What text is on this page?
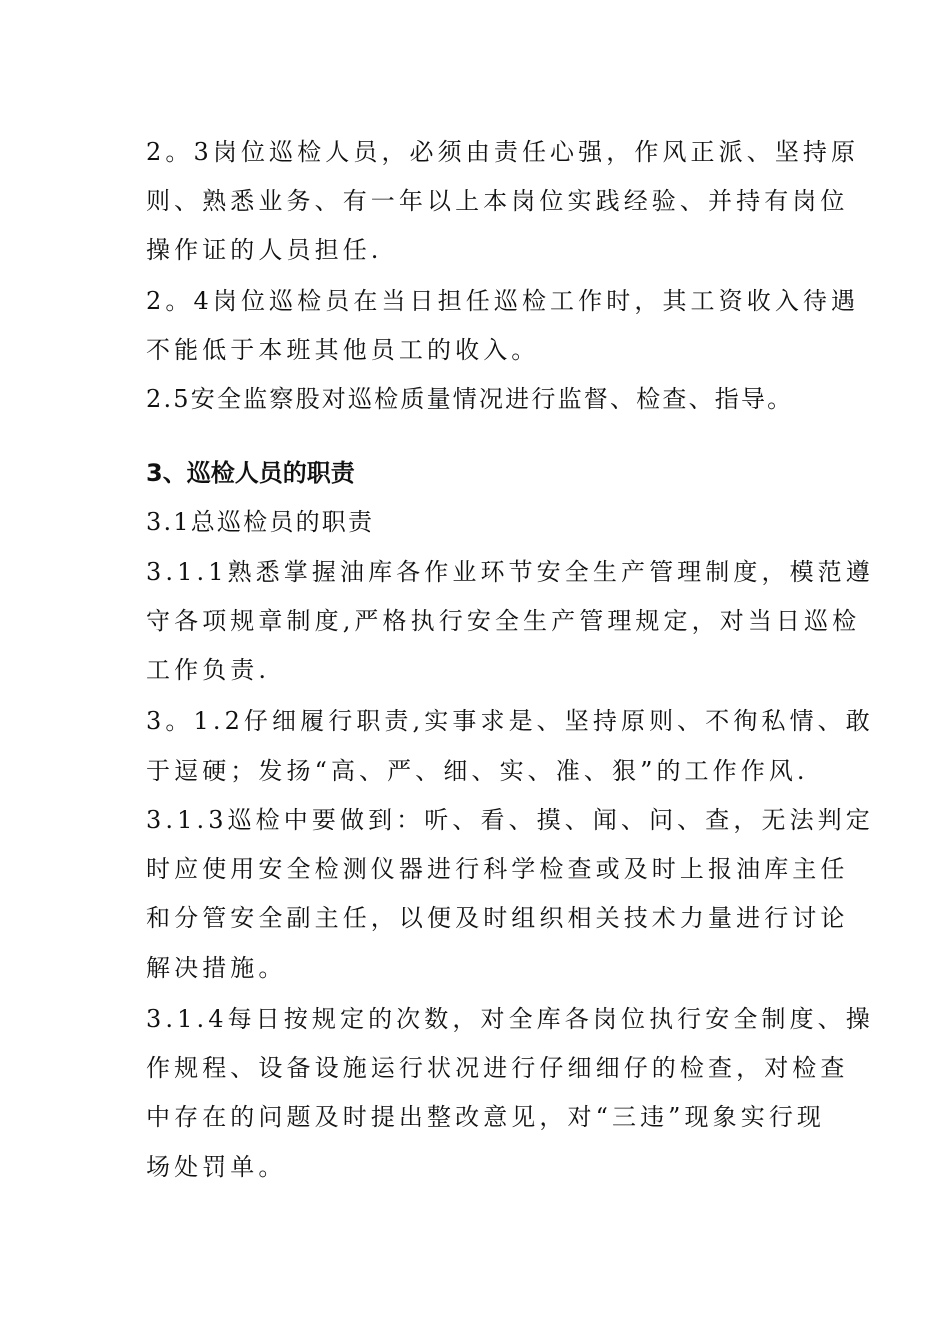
2。3岗位巡检人员，必须由责任心强，作风正派、坚持原
则、熟悉业务、有一年以上本岗位实践经验、并持有岗位
操作证的人员担任.
2。4岗位巡检员在当日担任巡检工作时，其工资收入待遇
不能低于本班其他员工的收入。
2.5安全监察股对巡检质量情况进行监督、检查、指导。
3、巡检人员的职责
3.1总巡检员的职责
3.1.1熟悉掌握油库各作业环节安全生产管理制度，模范遵
守各项规章制度,严格执行安全生产管理规定，对当日巡检
工作负责.
3。1.2仔细履行职责,实事求是、坚持原则、不徇私情、敢
于逗硬；发扬“高、严、细、实、准、狠”的工作作风.
3.1.3巡检中要做到：听、看、摸、闻、问、查，无法判定
时应使用安全检测仪器进行科学检查或及时上报油库主任
和分管安全副主任，以便及时组织相关技术力量进行讨论
解决措施。
3.1.4每日按规定的次数，对全库各岗位执行安全制度、操
作规程、设备设施运行状况进行仔细细仔的检查，对检查
中存在的问题及时提出整改意见，对“三违”现象实行现
场处罚单。
